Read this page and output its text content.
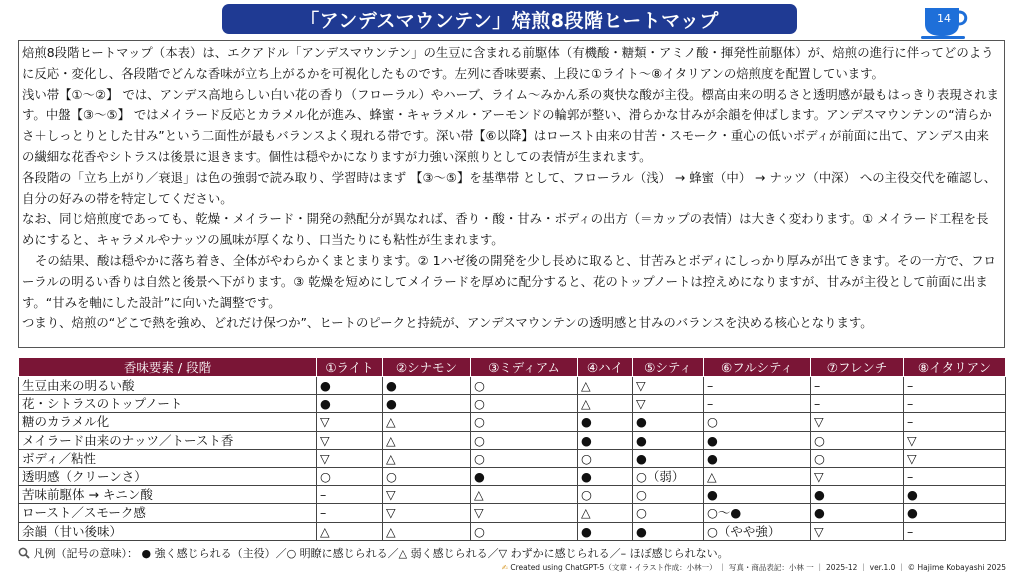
「アンデスマウンテン」焙煎8段階ヒートマップ	14

焙煎8段階ヒートマップ（本表）は、エクアドル「アンデスマウンテン」の生豆に含まれる前駆体（有機酸・糖類・アミノ酸・揮発性前駆体）が、焙煎の進行に伴ってどのように反応・変化し、各段階でどんな香味が立ち上がるかを可視化したものです。左列に香味要素、上段に①ライト〜⑧イタリアンの焙煎度を配置しています。

浅い帯【①〜②】 では、アンデス高地らしい白い花の香り（フローラル）やハーブ、ライム〜みかん系の爽快な酸が主役。標高由来の明るさと透明感が最もはっきり表現されます。中盤【③〜⑤】 ではメイラード反応とカラメル化が進み、蜂蜜・キャラメル・アーモンドの輪郭が整い、滑らかな甘みが余韻を伸ばします。アンデスマウンテンの“清らかさ＋しっとりとした甘み”という二面性が最もバランスよく現れる帯です。深い帯【⑥以降】はロースト由来の甘苦・スモーク・重心の低いボディが前面に出て、アンデス由来の繊細な花香やシトラスは後景に退きます。個性は穏やかになりますが力強い深煎りとしての表情が生まれます。

各段階の「立ち上がり／衰退」は色の強弱で読み取り、学習時はまず 【③〜⑤】を基準帯 として、フローラル（浅） → 蜂蜜（中） → ナッツ（中深） への主役交代を確認し、自分の好みの帯を特定してください。

なお、同じ焙煎度であっても、乾燥・メイラード・開発の熱配分が異なれば、香り・酸・甘み・ボディの出方（＝カップの表情）は大きく変わります。① メイラード工程を長めにすると、キャラメルやナッツの風味が厚くなり、口当たりにも粘性が生まれます。

その結果、酸は穏やかに落ち着き、全体がやわらかくまとまります。② 1ハゼ後の開発を少し長めに取ると、甘苦みとボディにしっかり厚みが出てきます。その一方で、フローラルの明るい香りは自然と後景へ下がります。③ 乾燥を短めにしてメイラードを厚めに配分すると、花のトップノートは控えめになりますが、甘みが主役として前面に出ます。“甘みを軸にした設計”に向いた調整です。

つまり、焙煎の“どこで熱を強め、どれだけ保つか”、ヒートのピークと持続が、アンデスマウンテンの透明感と甘みのバランスを決める核心となります。

香味要素 / 段階	①ライト	②シナモン	③ミディアム	④ハイ	⑤シティ	⑥フルシティ	⑦フレンチ	⑧イタリアン
生豆由来の明るい酸	●	●	○	△	▽	–	–	–
花・シトラスのトップノート	●	●	○	△	▽	–	–	–
糖のカラメル化	▽	△	○	●	●	○	▽	–
メイラード由来のナッツ／トースト香	▽	△	○	●	●	●	○	▽
ボディ／粘性	▽	△	○	○	●	●	○	▽
透明感（クリーンさ）	○	○	●	●	○（弱）	△	▽	–
苦味前駆体 → キニン酸	–	▽	△	○	○	●	●	●
ロースト／スモーク感	–	▽	▽	△	○	○〜●	●	●
余韻（甘い後味）	△	△	○	●	●	○（やや強）	▽	–
凡例（記号の意味）： ● 強く感じられる（主役）／○ 明瞭に感じられる／△ 弱く感じられる／▽ わずかに感じられる／– ほぼ感じられない。
✍ Created using ChatGPT-5（文章・イラスト作成：小林一） ｜ 写真・商品表記：小林 一 ｜ 2025-12 ｜ ver.1.0 ｜ © Hajime Kobayashi 2025
